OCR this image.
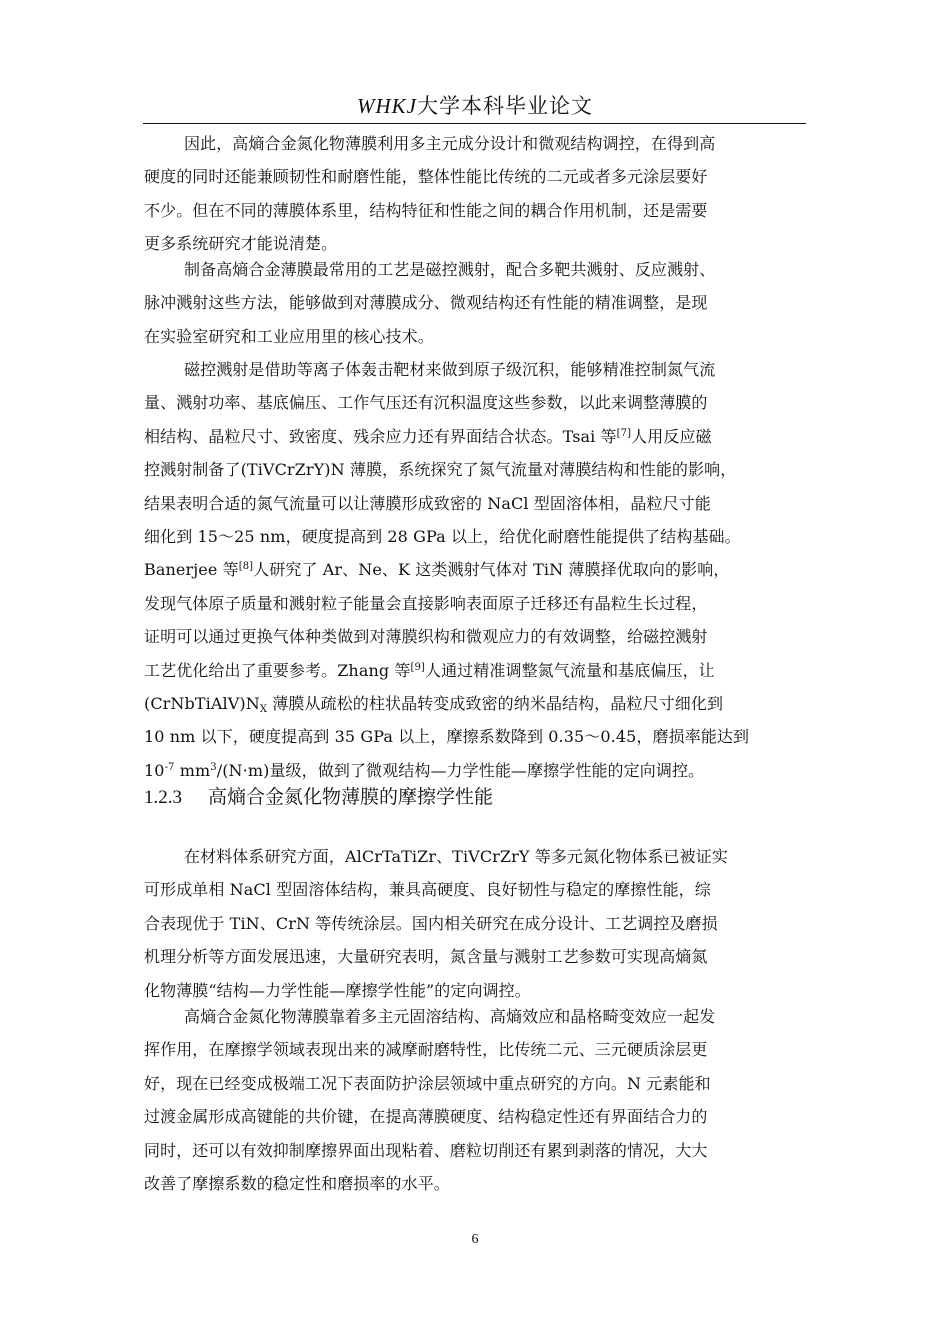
WHKJ大学本科毕业论文
因此，高熵合金氮化物薄膜利用多主元成分设计和微观结构调控，在得到高
硬度的同时还能兼顾韧性和耐磨性能，整体性能比传统的二元或者多元涂层要好
不少。但在不同的薄膜体系里，结构特征和性能之间的耦合作用机制，还是需要
更多系统研究才能说清楚。
制备高熵合金薄膜最常用的工艺是磁控溅射，配合多靶共溅射、反应溅射、
脉冲溅射这些方法，能够做到对薄膜成分、微观结构还有性能的精准调整，是现
在实验室研究和工业应用里的核心技术。
磁控溅射是借助等离子体轰击靶材来做到原子级沉积，能够精准控制氮气流
量、溅射功率、基底偏压、工作气压还有沉积温度这些参数，以此来调整薄膜的
相结构、晶粒尺寸、致密度、残余应力还有界面结合状态。Tsai 等[7]人用反应磁
控溅射制备了(TiVCrZrY)N 薄膜，系统探究了氮气流量对薄膜结构和性能的影响，
结果表明合适的氮气流量可以让薄膜形成致密的 NaCl 型固溶体相，晶粒尺寸能
细化到 15～25 nm，硬度提高到 28 GPa 以上，给优化耐磨性能提供了结构基础。
Banerjee 等[8]人研究了 Ar、Ne、K 这类溅射气体对 TiN 薄膜择优取向的影响，
发现气体原子质量和溅射粒子能量会直接影响表面原子迁移还有晶粒生长过程，
证明可以通过更换气体种类做到对薄膜织构和微观应力的有效调整，给磁控溅射
工艺优化给出了重要参考。Zhang 等[9]人通过精准调整氮气流量和基底偏压，让
$(CrNbTiAlV)N_X$ 薄膜从疏松的柱状晶转变成致密的纳米晶结构，晶粒尺寸细化到
10 nm 以下，硬度提高到 35 GPa 以上，摩擦系数降到 0.35～0.45，磨损率能达到
$10^{-7}$ $mm^3/(N\cdot m)$量级，做到了微观结构—力学性能—摩擦学性能的定向调控。
1.2.3 高熵合金氮化物薄膜的摩擦学性能
在材料体系研究方面，AlCrTaTiZr、TiVCrZrY 等多元氮化物体系已被证实
可形成单相 NaCl 型固溶体结构，兼具高硬度、良好韧性与稳定的摩擦性能，综
合表现优于 TiN、CrN 等传统涂层。国内相关研究在成分设计、工艺调控及磨损
机理分析等方面发展迅速，大量研究表明，氮含量与溅射工艺参数可实现高熵氮
化物薄膜“结构—力学性能—摩擦学性能”的定向调控。
高熵合金氮化物薄膜靠着多主元固溶结构、高熵效应和晶格畸变效应一起发
挥作用，在摩擦学领域表现出来的减摩耐磨特性，比传统二元、三元硬质涂层更
好，现在已经变成极端工况下表面防护涂层领域中重点研究的方向。N 元素能和
过渡金属形成高键能的共价键，在提高薄膜硬度、结构稳定性还有界面结合力的
同时，还可以有效抑制摩擦界面出现粘着、磨粒切削还有累到剥落的情况，大大
改善了摩擦系数的稳定性和磨损率的水平。
6
